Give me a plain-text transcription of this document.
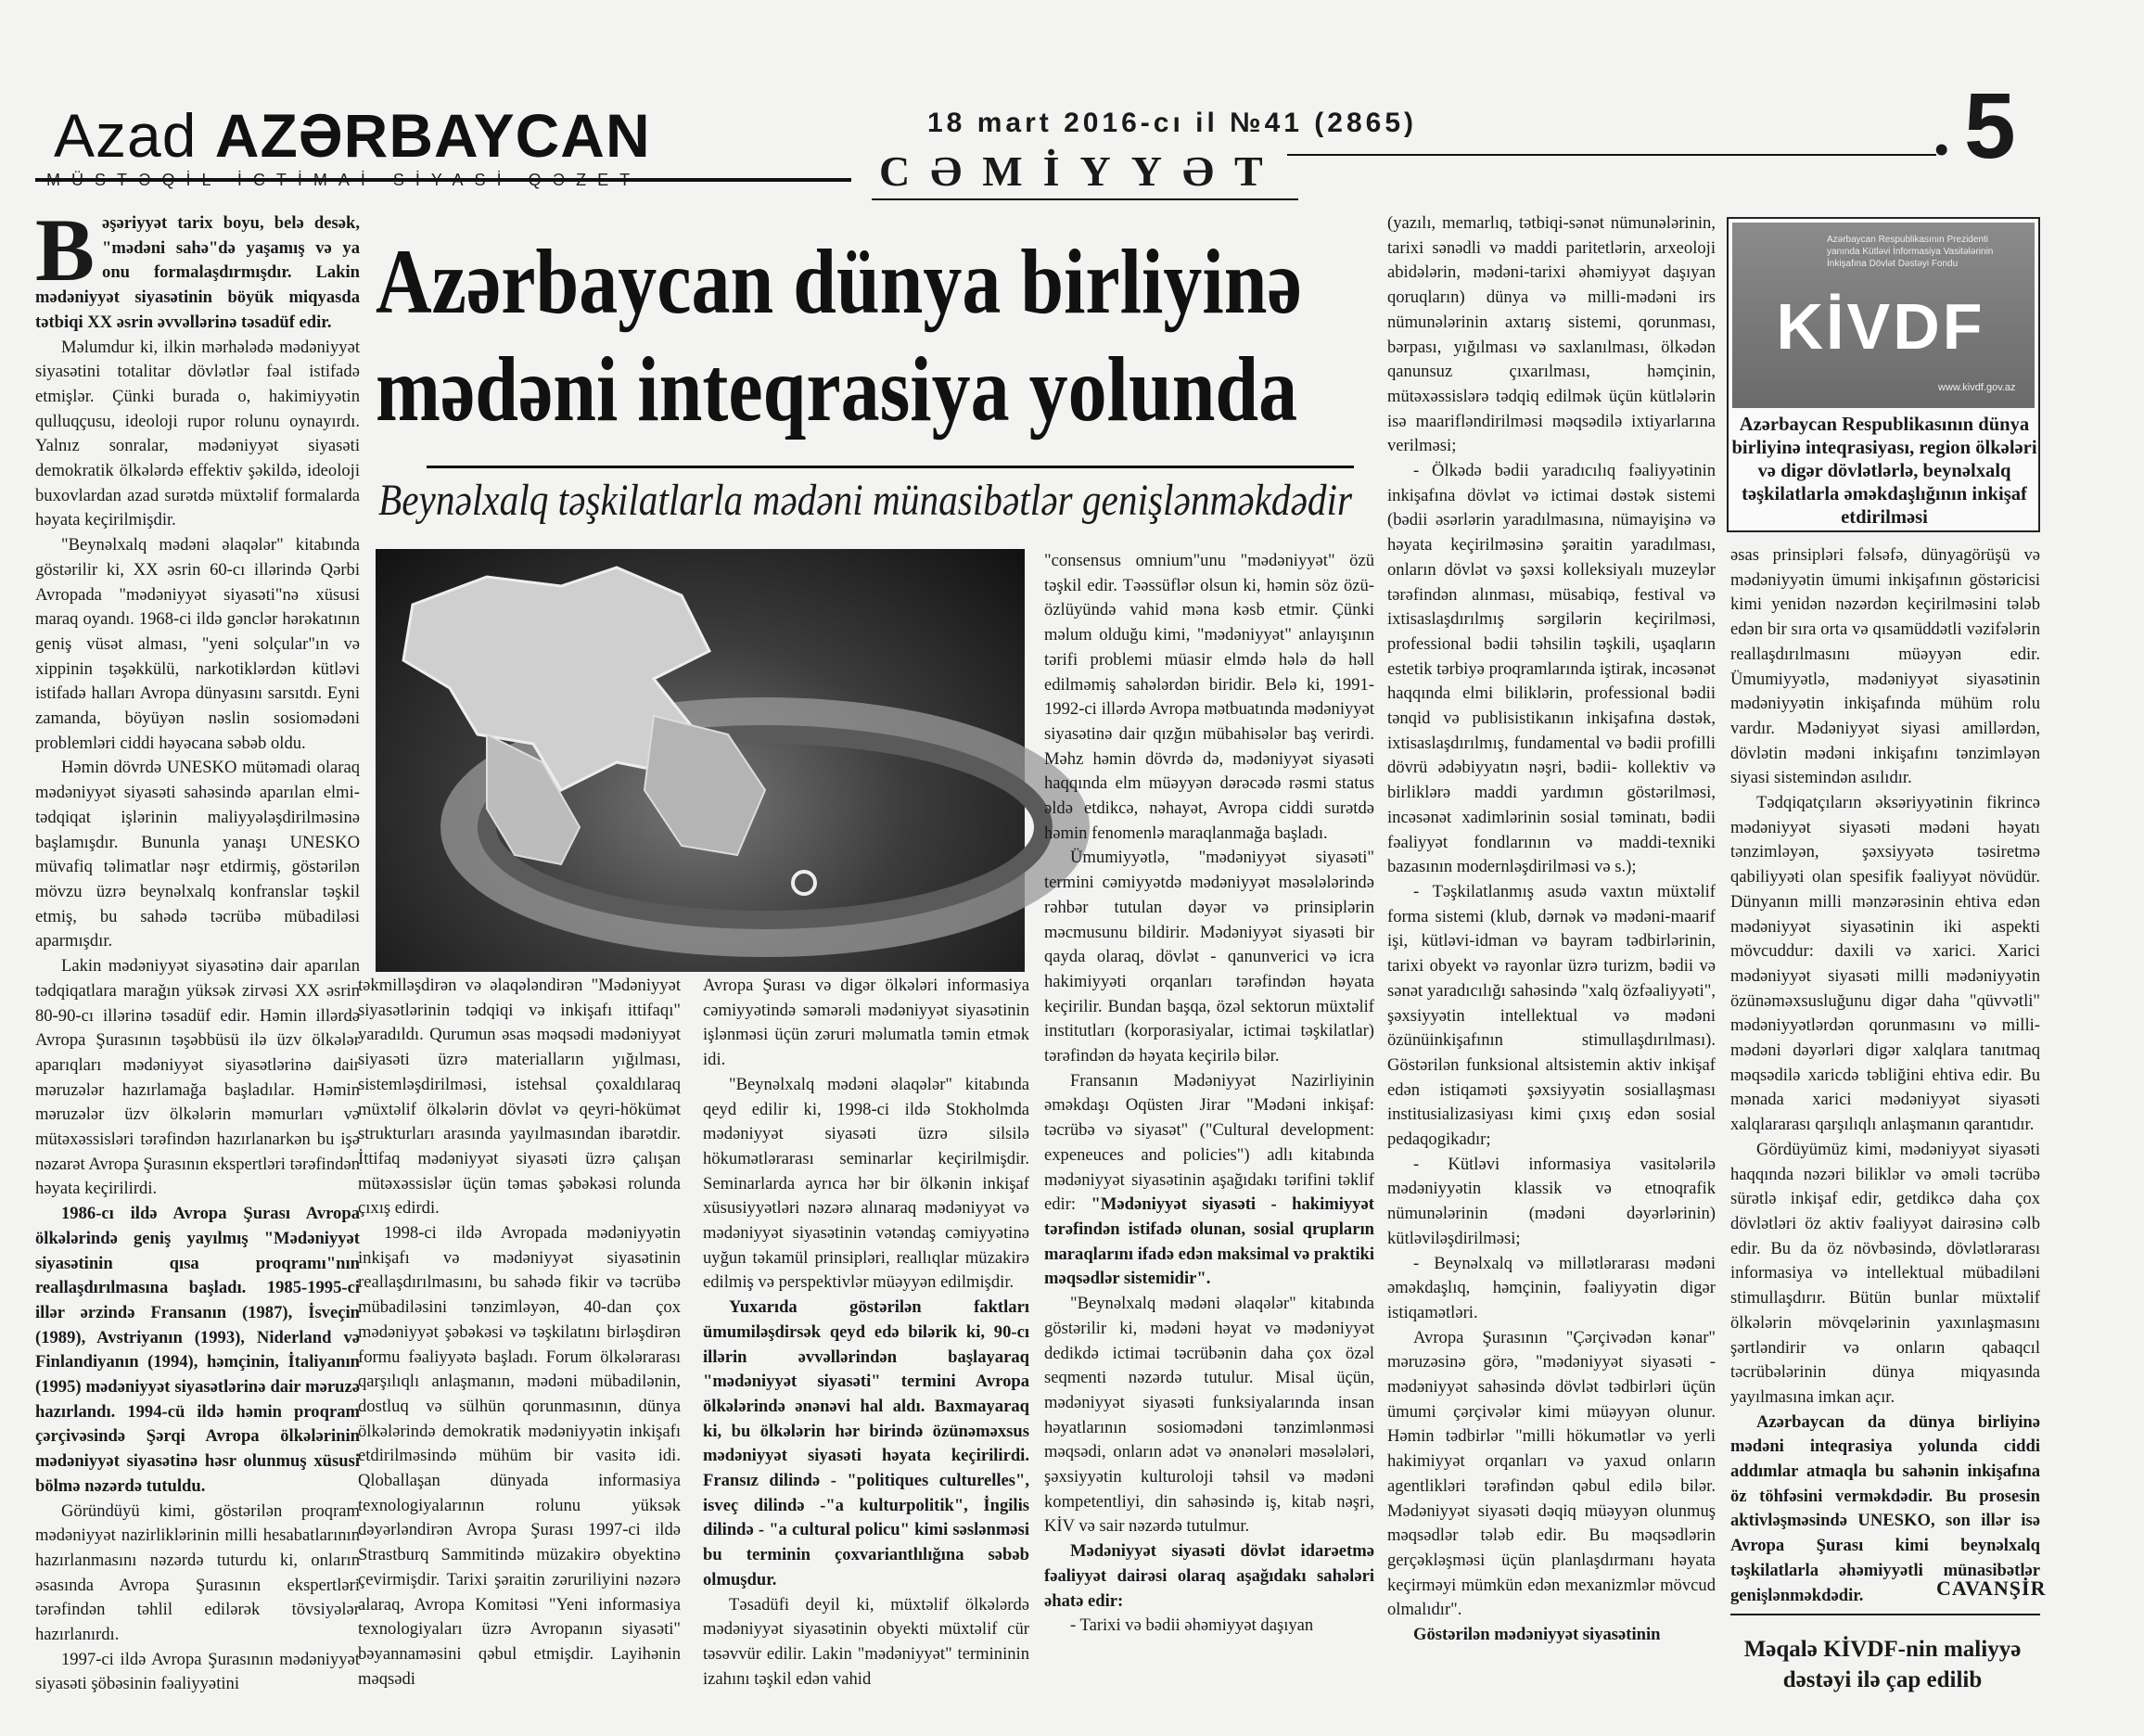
Azad AZƏRBAYCAN	18 mart 2016-cı il №41 (2865)
• 5
CƏMİYYƏT

Bəşəriyyət tarix boyu, belə desək, "mədəni sahə"də yaşamış və ya onu formalaşdırmışdır. Lakin mədəniyyət siyasətinin böyük miqyasda tətbiqi XX əsrin əvvəllərinə təsadüf edir.

Məlumdur ki, ilkin mərhələdə mədəniyyət siyasətini totalitar dövlətlər fəal istifadə etmişlər. Çünki burada o, hakimiyyətin qulluqçusu, ideoloji rupor rolunu oynayırdı. Yalnız sonralar, mədəniyyət siyasəti demokratik ölkələrdə effektiv şəkildə, ideoloji buxovlardan azad surətdə müxtəlif formalarda həyata keçirilmişdir.

"Beynəlxalq mədəni əlaqələr" kitabında göstərilir ki, XX əsrin 60-cı illərində Qərbi Avropada "mədəniyyət siyasəti"nə xüsusi maraq oyandı. 1968-ci ildə gənclər hərəkatının geniş vüsət alması, "yeni solçular"ın və xippinin təşəkkülü, narkotiklərdən kütləvi istifadə halları Avropa dünyasını sarsıtdı. Eyni zamanda, böyüyən nəslin sosiomədəni problemləri ciddi həyəcana səbəb oldu.

Həmin dövrdə UNESKO mütəmadi olaraq mədəniyyət siyasəti sahəsində aparılan elmi-tədqiqat işlərinin maliyyələşdirilməsinə başlamışdır. Bununla yanaşı UNESKO müvafiq təlimatlar nəşr etdirmiş, göstərilən mövzu üzrə beynəlxalq konfranslar təşkil etmiş, bu sahədə təcrübə mübadiləsi aparmışdır.

Lakin mədəniyyət siyasətinə dair aparılan tədqiqatlara marağın yüksək zirvəsi XX əsrin 80-90-cı illərinə təsadüf edir. Həmin illərdə Avropa Şurasının təşəbbüsü ilə üzv ölkələr aparıqları mədəniyyət siyasətlərinə dair məruzələr hazırlamağa başladılar. Həmin məruzələr üzv ölkələrin məmurları və mütəxəssisləri tərəfindən hazırlanarkən bu işə nəzarət Avropa Şurasının ekspertləri tərəfindən həyata keçirilirdi.

1986-cı ildə Avropa Şurası Avropa ölkələrində geniş yayılmış "Mədəniyyət siyasətinin qısa proqramı"nın reallaşdırılmasına başladı. 1985-1995-ci illər ərzində Fransanın (1987), İsveçin (1989), Avstriyanın (1993), Niderland və Finlandiyanın (1994), həmçinin, İtaliyanın (1995) mədəniyyət siyasətlərinə dair məruzə hazırlandı. 1994-cü ildə həmin proqram çərçivəsində Şərqi Avropa ölkələrinin mədəniyyət siyasətinə həsr olunmuş xüsusi bölmə nəzərdə tutuldu.

Göründüyü kimi, göstərilən proqram mədəniyyət nazirliklərinin milli hesabatlarının hazırlanmasını nəzərdə tuturdu ki, onların əsasında Avropa Şurasının ekspertləri tərəfindən təhlil edilərək tövsiyələr hazırlanırdı.

1997-ci ildə Avropa Şurasının mədəniyyət siyasəti şöbəsinin fəaliyyətini

Azərbaycan dünya birliyinə
mədəni inteqrasiya yolunda
Beynəlxalq təşkilatlarla mədəni münasibətlər genişlənməkdədir

təkmilləşdirən və əlaqələndirən "Mədəniyyət siyasətlərinin tədqiqi və inkişafı ittifaqı" yaradıldı. Qurumun əsas məqsədi mədəniyyət siyasəti üzrə materialların yığılması, sistemləşdirilməsi, istehsal çoxaldılaraq müxtəlif ölkələrin dövlət və qeyri-hökümət strukturları arasında yayılmasından ibarətdir. İttifaq mədəniyyət siyasəti üzrə çalışan mütəxəssislər üçün təmas şəbəkəsi rolunda çıxış edirdi.

1998-ci ildə Avropada mədəniyyətin inkişafı və mədəniyyət siyasətinin reallaşdırılmasını, bu sahədə fikir və təcrübə mübadiləsini tənzimləyən, 40-dan çox mədəniyyət şəbəkəsi və təşkilatını birləşdirən formu fəaliyyətə başladı. Forum ölkələrarası qarşılıqlı anlaşmanın, mədəni mübadilənin, dostluq və sülhün qorunmasının, dünya ölkələrində demokratik mədəniyyətin inkişafı etdirilməsində mühüm bir vasitə idi. Qloballaşan dünyada informasiya texnologiyalarının rolunu yüksək dəyərləndirən Avropa Şurası 1997-ci ildə Strastburq Sammitində müzakirə obyektinə çevirmişdir. Tarixi şəraitin zəruriliyini nəzərə alaraq, Avropa Komitəsi "Yeni informasiya texnologiyaları üzrə Avropanın siyasəti" bəyannaməsini qəbul etmişdir. Layihənin məqsədi

Avropa Şurası və digər ölkələri informasiya cəmiyyətində səmərəli mədəniyyət siyasətinin işlənməsi üçün zəruri məlumatla təmin etmək idi.

"Beynəlxalq mədəni əlaqələr" kitabında qeyd edilir ki, 1998-ci ildə Stokholmda mədəniyyət siyasəti üzrə silsilə hökumətlərarası seminarlar keçirilmişdir. Seminarlarda ayrıca hər bir ölkənin inkişaf xüsusiyyətləri nəzərə alınaraq mədəniyyət və mədəniyyət siyasətinin vətəndaş cəmiyyətinə uyğun təkamül prinsipləri, reallıqlar müzakirə edilmiş və perspektivlər müəyyən edilmişdir.

Yuxarıda göstərilən faktları ümumiləşdirsək qeyd edə bilərik ki, 90-cı illərin əvvəllərindən başlayaraq "mədəniyyət siyasəti" termini Avropa ölkələrində ənənəvi hal aldı. Baxmayaraq ki, bu ölkələrin hər birində özünəməxsus mədəniyyət siyasəti həyata keçirilirdi. Fransız dilində - "politiques culturelles", isveç dilində -"a kulturpolitik", İngilis dilində - "a cultural policu" kimi səslənməsi bu terminin çoxvariantlılığına səbəb olmuşdur.

Təsadüfi deyil ki, müxtəlif ölkələrdə mədəniyyət siyasətinin obyekti müxtəlif cür təsəvvür edilir. Lakin "mədəniyyət" termininin izahını təşkil edən vahid

"consensus omnium"unu "mədəniyyət" özü təşkil edir. Təəssüflər olsun ki, həmin söz özü-özlüyündə vahid məna kəsb etmir. Çünki məlum olduğu kimi, "mədəniyyət" anlayışının tərifi problemi müasir elmdə hələ də həll edilməmiş sahələrdən biridir. Belə ki, 1991-1992-ci illərdə Avropa mətbuatında mədəniyyət siyasətinə dair qızğın mübahisələr baş verirdi. Məhz həmin dövrdə də, mədəniyyət siyasəti haqqında elm müəyyən dərəcədə rəsmi status əldə etdikcə, nəhayət, Avropa ciddi surətdə həmin fenomenlə maraqlanmağa başladı.

Ümumiyyətlə, "mədəniyyət siyasəti" termini cəmiyyətdə mədəniyyət məsələlərində rəhbər tutulan dəyər və prinsiplərin məcmusunu bildirir. Mədəniyyət siyasəti bir qayda olaraq, dövlət - qanunverici və icra hakimiyyəti orqanları tərəfindən həyata keçirilir. Bundan başqa, özəl sektorun müxtəlif institutları (korporasiyalar, ictimai təşkilatlar) tərəfindən də həyata keçirilə bilər.

Fransanın Mədəniyyət Nazirliyinin əməkdaşı Oqüsten Jirar "Mədəni inkişaf: təcrübə və siyasət" ("Cultural development: expeneuces and policies") adlı kitabında mədəniyyət siyasətinin aşağıdakı tərifini təklif edir: "Mədəniyyət siyasəti - hakimiyyət tərəfindən istifadə olunan, sosial qrupların maraqlarını ifadə edən maksimal və praktiki məqsədlər sistemidir".

"Beynəlxalq mədəni əlaqələr" kitabında göstərilir ki, mədəni həyat və mədəniyyət dedikdə ictimai təcrübənin daha çox özəl seqmenti nəzərdə tutulur. Misal üçün, mədəniyyət siyasəti funksiyalarında insan həyatlarının sosiomədəni tənzimlənməsi məqsədi, onların adət və ənənələri məsələləri, şəxsiyyətin kulturoloji təhsil və mədəni kompetentliyi, din sahəsində iş, kitab nəşri, KİV və sair nəzərdə tutulmur.

Mədəniyyət siyasəti dövlət idarəetmə fəaliyyət dairəsi olaraq aşağıdakı sahələri əhatə edir:

- Tarixi və bədii əhəmiyyət daşıyan

(yazılı, memarlıq, tətbiqi-sənət nümunələrinin, tarixi sənədli və maddi paritetlərin, arxeoloji abidələrin, mədəni-tarixi əhəmiyyət daşıyan qoruqların) dünya və milli-mədəni irs nümunələrinin axtarış sistemi, qorunması, bərpası, yığılması və saxlanılması, ölkədən qanunsuz çıxarılması, həmçinin, mütəxəssislərə tədqiq edilmək üçün kütlələrin isə maarifləndirilməsi məqsədilə ixtiyarlarına verilməsi;

- Ölkədə bədii yaradıcılıq fəaliyyətinin inkişafına dövlət və ictimai dəstək sistemi (bədii əsərlərin yaradılmasına, nümayişinə və həyata keçirilməsinə şəraitin yaradılması, onların dövlət və şəxsi kolleksiyalı muzeylər tərəfindən alınması, müsabiqə, festival və ixtisaslaşdırılmış sərgilərin keçirilməsi, professional bədii təhsilin təşkili, uşaqların estetik tərbiyə proqramlarında iştirak, incəsənət haqqında elmi biliklərin, professional bədii tənqid və publisistikanın inkişafına dəstək, ixtisaslaşdırılmış, fundamental və bədii profilli dövrü ədəbiyyatın nəşri, bədii- kollektiv və birliklərə maddi yardımın göstərilməsi, incəsənət xadimlərinin sosial təminatı, bədii fəaliyyət fondlarının və maddi-texniki bazasının modernləşdirilməsi və s.);

- Təşkilatlanmış asudə vaxtın müxtəlif forma sistemi (klub, dərnək və mədəni-maarif işi, kütləvi-idman və bayram tədbirlərinin, tarixi obyekt və rayonlar üzrə turizm, bədii və sənət yaradıcılığı sahəsində "xalq özfəaliyyəti", şəxsiyyətin intellektual və mədəni özünüinkişafının stimullaşdırılması). Göstərilən funksional altsistemin aktiv inkişaf edən istiqaməti şəxsiyyətin sosiallaşması institusializasiyası kimi çıxış edən sosial pedaqogikadır;

- Kütləvi informasiya vasitələrilə mədəniyyətin klassik və etnoqrafik nümunələrinin (mədəni dəyərlərinin) kütləviləşdirilməsi;

- Beynəlxalq və millətlərarası mədəni əməkdaşlıq, həmçinin, fəaliyyətin digər istiqamətləri.

Avropa Şurasının "Çərçivədən kənar" məruzəsinə görə, "mədəniyyət siyasəti - mədəniyyət sahəsində dövlət tədbirləri üçün ümumi çərçivələr kimi müəyyən olunur. Həmin tədbirlər "milli hökumətlər və yerli hakimiyyət orqanları və yaxud onların agentlikləri tərəfindən qəbul edilə bilər. Mədəniyyət siyasəti dəqiq müəyyən olunmuş məqsədlər tələb edir. Bu məqsədlərin gerçəkləşməsi üçün planlaşdırmanı həyata keçirməyi mümkün edən mexanizmlər mövcud olmalıdır".

Göstərilən mədəniyyət siyasətinin

Azərbaycan Respublikasının Prezidenti yanında Kütləvi İnformasiya Vasitələrinin İnkişafına Dövlət Dəstəyi Fondu
KİVDF
www.kivdf.gov.az
Azərbaycan Respublikasının dünya birliyinə inteqrasiyası, region ölkələri və digər dövlətlərlə, beynəlxalq təşkilatlarla əməkdaşlığının inkişaf etdirilməsi

əsas prinsipləri fəlsəfə, dünyagörüşü və mədəniyyətin ümumi inkişafının göstəricisi kimi yenidən nəzərdən keçirilməsini tələb edən bir sıra orta və qısamüddətli vəzifələrin reallaşdırılmasını müəyyən edir. Ümumiyyətlə, mədəniyyət siyasətinin mədəniyyətin inkişafında mühüm rolu vardır. Mədəniyyət siyasi amillərdən, dövlətin mədəni inkişafını tənzimləyən siyasi sistemindən asılıdır.

Tədqiqatçıların əksəriyyətinin fikrincə mədəniyyət siyasəti mədəni həyatı tənzimləyən, şəxsiyyətə təsiretmə qabiliyyəti olan spesifik fəaliyyət növüdür. Dünyanın milli mənzərəsinin ehtiva edən mədəniyyət siyasətinin iki aspekti mövcuddur: daxili və xarici. Xarici mədəniyyət siyasəti milli mədəniyyətin özünəməxsusluğunu digər daha "qüvvətli" mədəniyyətlərdən qorunmasını və milli-mədəni dəyərləri digər xalqlara tanıtmaq məqsədilə xaricdə təbliğini ehtiva edir. Bu mənada xarici mədəniyyət siyasəti xalqlararası qarşılıqlı anlaşmanın qarantıdır.

Gördüyümüz kimi, mədəniyyət siyasəti haqqında nəzəri biliklər və əməli təcrübə sürətlə inkişaf edir, getdikcə daha çox dövlətləri öz aktiv fəaliyyət dairəsinə cəlb edir. Bu da öz növbəsində, dövlətlərarası informasiya və intellektual mübadiləni stimullaşdırır. Bütün bunlar müxtəlif ölkələrin mövqelərinin yaxınlaşmasını şərtləndirir və onların qabaqcıl təcrübələrinin dünya miqyasında yayılmasına imkan açır.

Azərbaycan da dünya birliyinə mədəni inteqrasiya yolunda ciddi addımlar atmaqla bu sahənin inkişafına öz töhfəsini verməkdədir. Bu prosesin aktivləşməsində UNESKO, son illər isə Avropa Şurası kimi beynəlxalq təşkilatlarla əhəmiyyətli münasibətlər genişlənməkdədir.	CAVANŞİR
Məqalə KİVDF-nin maliyyə dəstəyi ilə çap edilib
